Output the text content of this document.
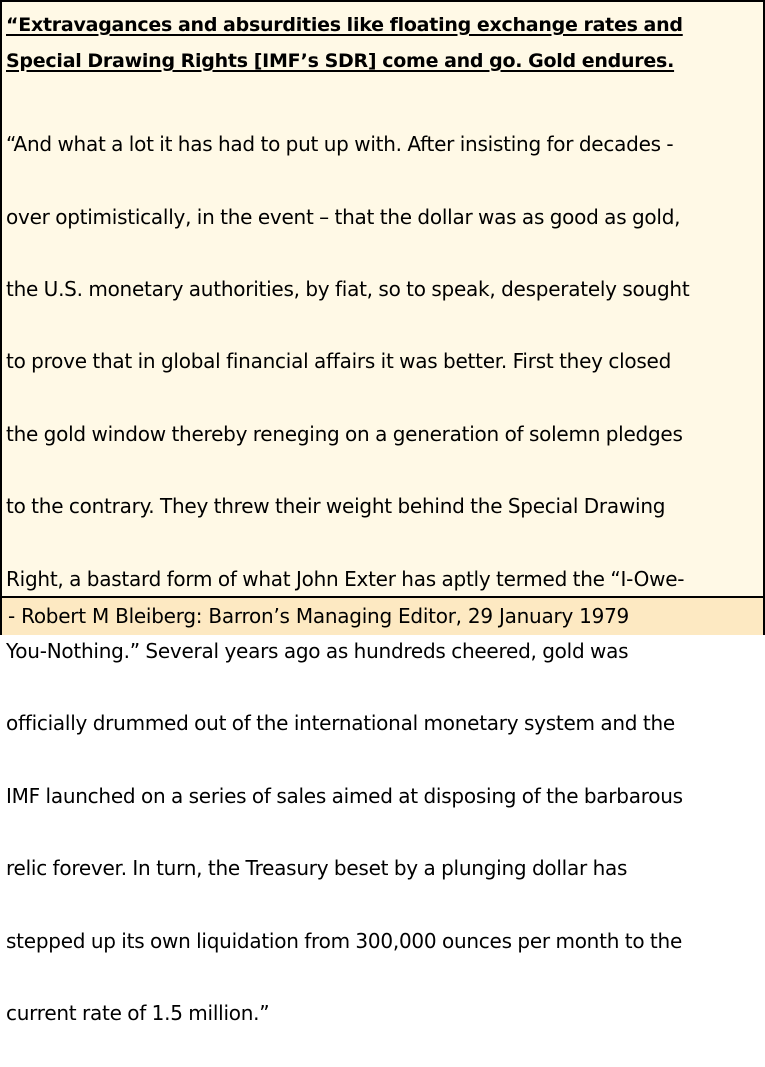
“Extravagances and absurdities like floating exchange rates and
Special Drawing Rights [IMF’s SDR] come and go. Gold endures.

“And what a lot it has had to put up with. After insisting for decades -

over optimistically, in the event – that the dollar was as good as gold,

the U.S. monetary authorities, by fiat, so to speak, desperately sought

to prove that in global financial affairs it was better. First they closed

the gold window thereby reneging on a generation of solemn pledges

to the contrary. They threw their weight behind the Special Drawing

Right, a bastard form of what John Exter has aptly termed the “I-Owe-

You-Nothing.” Several years ago as hundreds cheered, gold was

officially drummed out of the international monetary system and the

IMF launched on a series of sales aimed at disposing of the barbarous

relic forever. In turn, the Treasury beset by a plunging dollar has

stepped up its own liquidation from 300,000 ounces per month to the

current rate of 1.5 million.”

- Robert M Bleiberg: Barron’s Managing Editor, 29 January 1979
